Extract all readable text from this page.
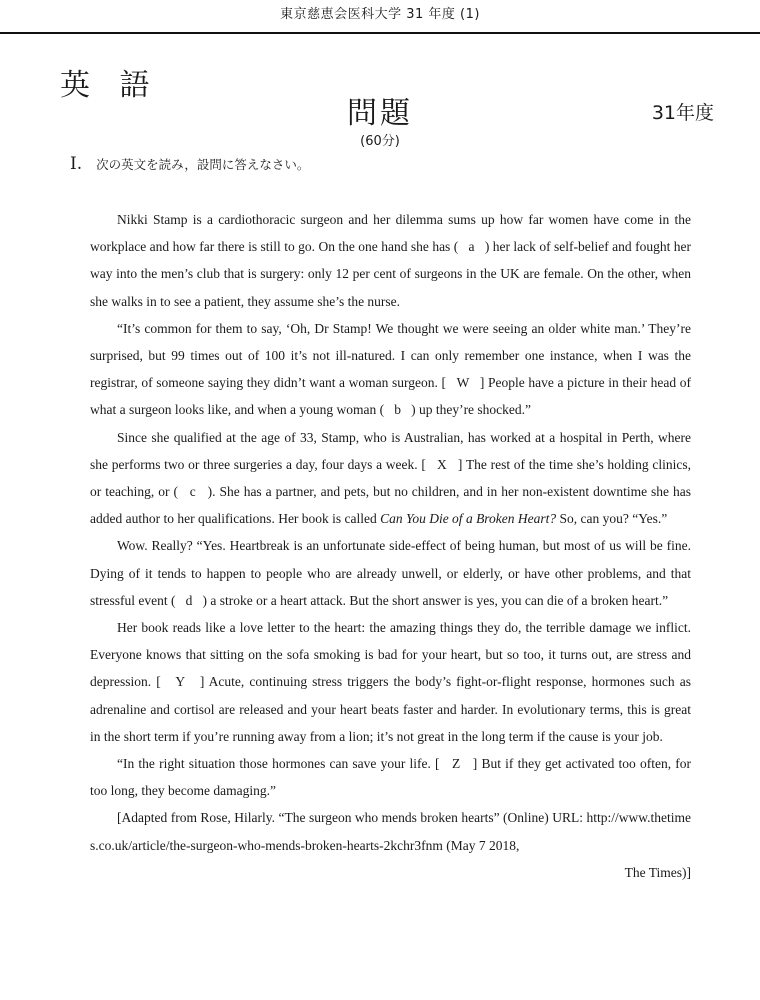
東京慈恵会医科大学 31 年度 (1)
英 語
問題
(60分)
31年度
Ⅰ. 次の英文を読み，設問に答えなさい。

Nikki Stamp is a cardiothoracic surgeon and her dilemma sums up how far women have come in the workplace and how far there is still to go. On the one hand she has (   a   ) her lack of self-belief and fought her way into the men’s club that is surgery: only 12 per cent of surgeons in the UK are female. On the other, when she walks in to see a patient, they assume she’s the nurse.

“It’s common for them to say, ‘Oh, Dr Stamp! We thought we were seeing an older white man.’ They’re surprised, but 99 times out of 100 it’s not ill-natured. I can only remember one instance, when I was the registrar, of someone saying they didn’t want a woman surgeon. [   W   ] People have a picture in their head of what a surgeon looks like, and when a young woman (   b   ) up they’re shocked.”

Since she qualified at the age of 33, Stamp, who is Australian, has worked at a hospital in Perth, where she performs two or three surgeries a day, four days a week. [   X   ] The rest of the time she’s holding clinics, or teaching, or (   c   ). She has a partner, and pets, but no children, and in her non-existent downtime she has added author to her qualifications. Her book is called Can You Die of a Broken Heart? So, can you? “Yes.”

Wow. Really? “Yes. Heartbreak is an unfortunate side-effect of being human, but most of us will be fine. Dying of it tends to happen to people who are already unwell, or elderly, or have other problems, and that stressful event (   d   ) a stroke or a heart attack. But the short answer is yes, you can die of a broken heart.”

Her book reads like a love letter to the heart: the amazing things they do, the terrible damage we inflict. Everyone knows that sitting on the sofa smoking is bad for your heart, but so too, it turns out, are stress and depression. [   Y   ] Acute, continuing stress triggers the body’s fight-or-flight response, hormones such as adrenaline and cortisol are released and your heart beats faster and harder. In evolutionary terms, this is great in the short term if you’re running away from a lion; it’s not great in the long term if the cause is your job.

“In the right situation those hormones can save your life. [   Z   ] But if they get activated too often, for too long, they become damaging.”

[Adapted from Rose, Hilarly. “The surgeon who mends broken hearts” (Online) URL: http://www.thetimes.co.uk/article/the-surgeon-who-mends-broken-hearts-2kchr3fnm (May 7 2018,

The Times)]
